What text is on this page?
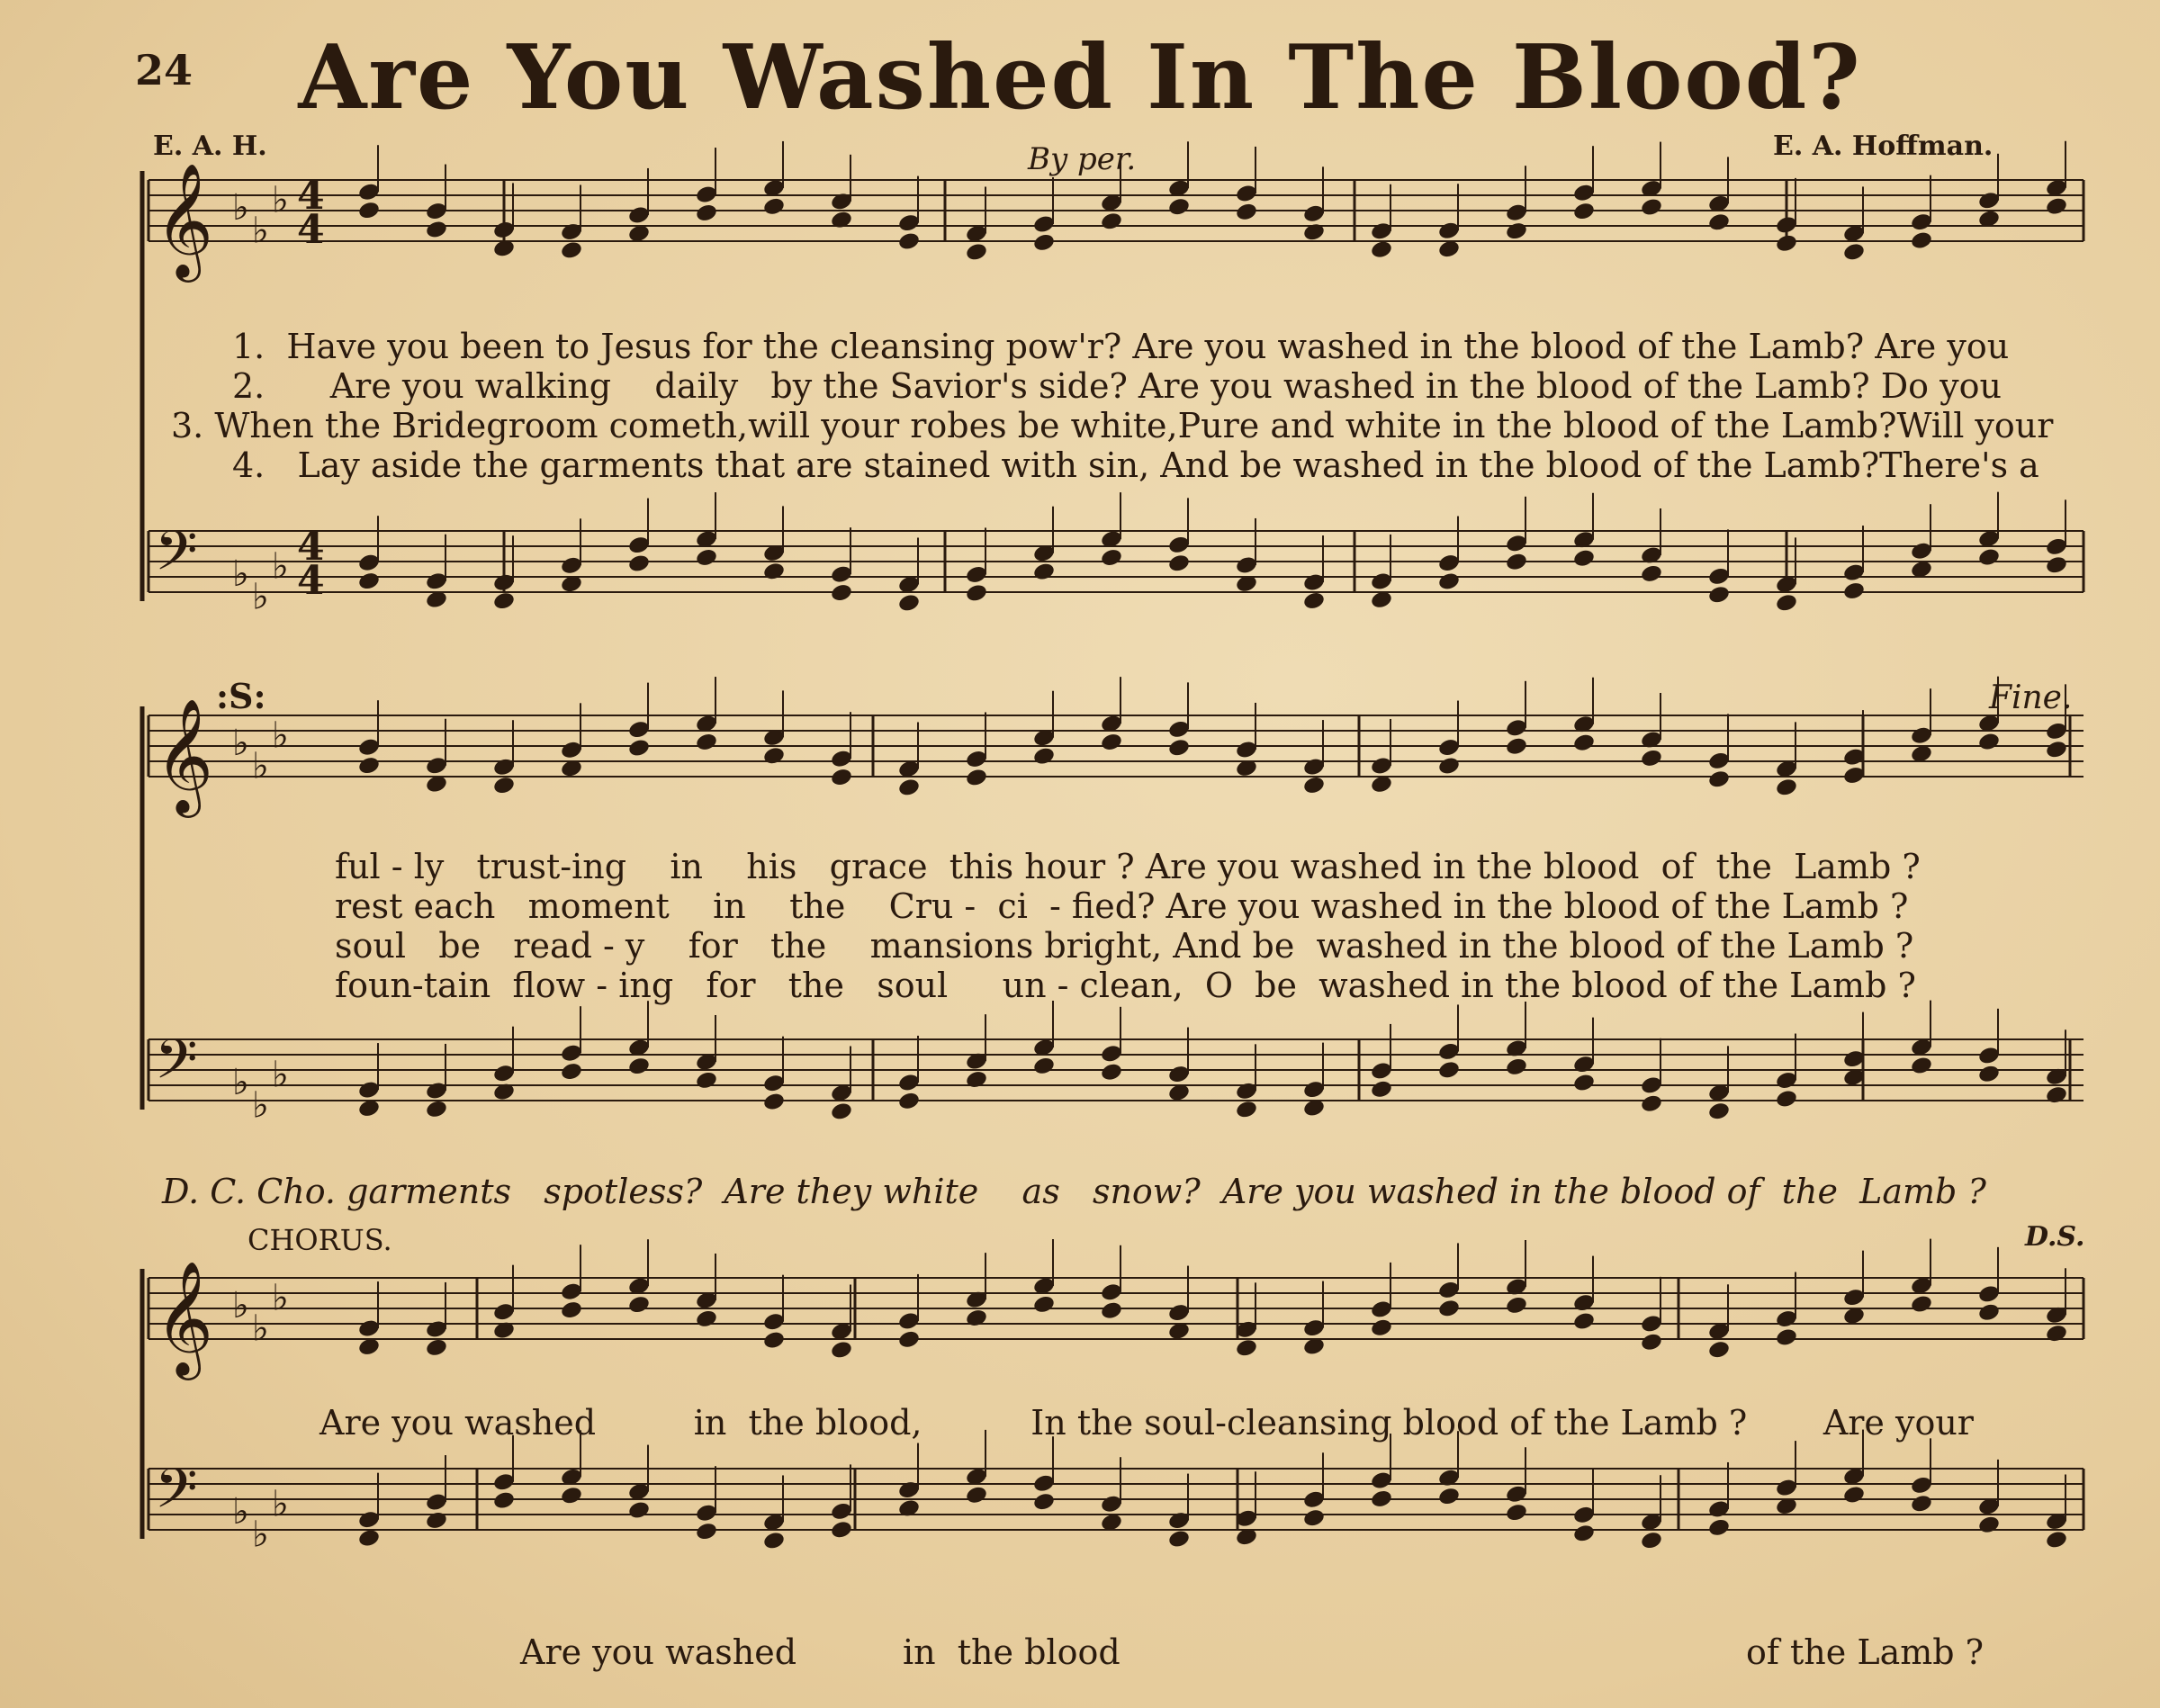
𝄞 ♭
♭
♭ 4
4
𝄢 ♭
♭
♭ 4
4
𝄞 ♭
♭
♭
𝄢 ♭
♭
♭
𝄞 ♭
♭
♭
𝄢 ♭
♭
♭
24	Are You Washed In The Blood?
E. A. H.	E. A. Hoffman.
By per.
1.  Have you been to Jesus for the cleansing pow'r? Are you washed in the blood of the Lamb? Are you
2.      Are you walking    daily   by the Savior's side? Are you washed in the blood of the Lamb? Do you
3. When the Bridegroom cometh,will your robes be white,Pure and white in the blood of the Lamb?Will your
4.   Lay aside the garments that are stained with sin, And be washed in the blood of the Lamb?There's a
ful - ly   trust-ing    in    his   grace  this hour ? Are you washed in the blood  of  the  Lamb ?
rest each   moment    in    the    Cru -  ci  - fied? Are you washed in the blood of the Lamb ?
soul   be   read - y    for   the    mansions bright, And be  washed in the blood of the Lamb ?
foun-tain  flow - ing   for   the   soul     un - clean,  O  be  washed in the blood of the Lamb ?
:S:	Fine.
D. C. Cho. garments   spotless?  Are they white    as   snow?  Are you washed in the blood of  the  Lamb ?
CHORUS.	D.S.
Are you washed         in  the blood,          In the soul-cleansing blood of the Lamb ?       Are your
Are you washed	in  the blood	of the Lamb ?
